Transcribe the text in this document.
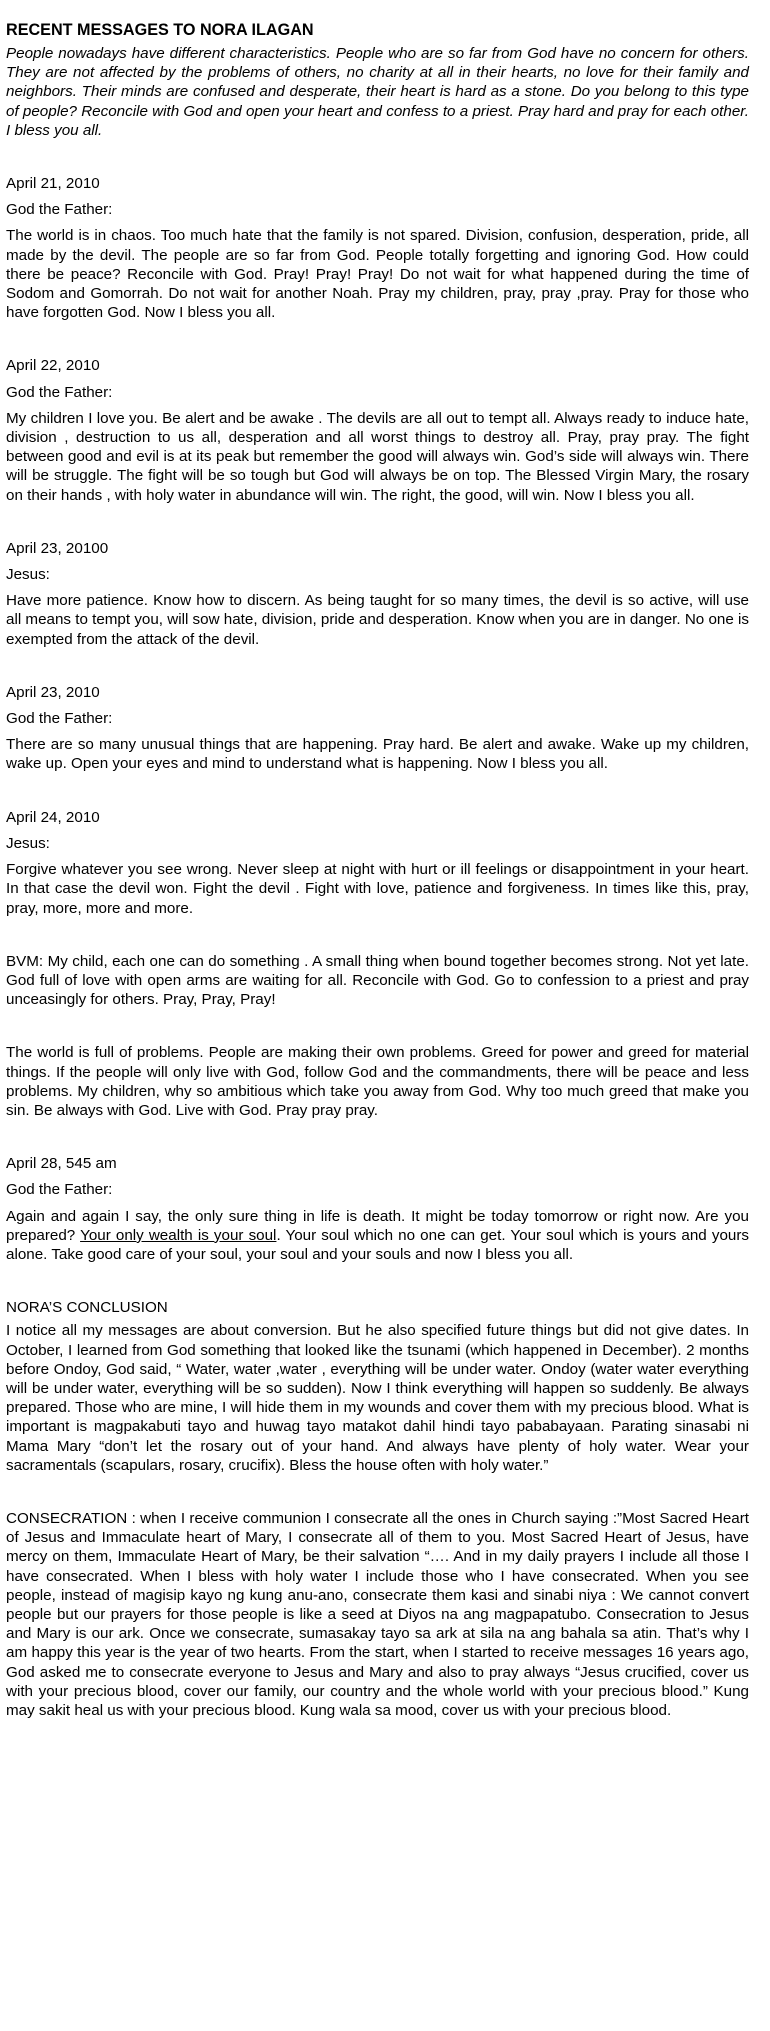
RECENT MESSAGES TO NORA ILAGAN

People nowadays have different characteristics. People who are so far from God have no concern for others. They are not affected by the problems of others, no charity at all in their hearts, no love for their family and neighbors. Their minds are confused and desperate, their heart is hard as a stone. Do you belong to this type of people? Reconcile with God and open your heart and confess to a priest. Pray hard and pray for each other. I bless you all.

April 21, 2010

God the Father:

The world is in chaos. Too much hate that the family is not spared. Division, confusion, desperation, pride, all made by the devil. The people are so far from God. People totally forgetting and ignoring God. How could there be peace? Reconcile with God. Pray! Pray! Pray! Do not wait for what happened during the time of Sodom and Gomorrah. Do not wait for another Noah. Pray my children, pray, pray ,pray. Pray for those who have forgotten God. Now I bless you all.

April 22, 2010

God the Father:

My children I love you. Be alert and be awake . The devils are all out to tempt all. Always ready to induce hate, division , destruction to us all, desperation and all worst things to destroy all. Pray, pray pray. The fight between good and evil is at its peak but remember the good will always win. God’s side will always win. There will be struggle. The fight will be so tough but God will always be on top. The Blessed Virgin Mary, the rosary on their hands , with holy water in abundance will win. The right, the good, will win. Now I bless you all.

April 23, 20100

Jesus:

Have more patience. Know how to discern. As being taught for so many times, the devil is so active, will use all means to tempt you, will sow hate, division, pride and desperation. Know when you are in danger. No one is exempted from the attack of the devil.

April 23, 2010

God the Father:

There are so many unusual things that are happening. Pray hard. Be alert and awake. Wake up my children, wake up. Open your eyes and mind to understand what is happening. Now I bless you all.

April 24, 2010

Jesus:

Forgive whatever you see wrong. Never sleep at night with hurt or ill feelings or disappointment in your heart. In that case the devil won. Fight the devil . Fight with love, patience and forgiveness. In times like this, pray, pray, more, more and more.

BVM: My child, each one can do something . A small thing when bound together becomes strong. Not yet late. God full of love with open arms are waiting for all. Reconcile with God. Go to confession to a priest and pray unceasingly for others. Pray, Pray, Pray!

The world is full of problems. People are making their own problems. Greed for power and greed for material things. If the people will only live with God, follow God and the commandments, there will be peace and less problems. My children, why so ambitious which take you away from God. Why too much greed that make you sin. Be always with God. Live with God. Pray pray pray.

April 28, 545 am

God the Father:

Again and again I say, the only sure thing in life is death. It might be today tomorrow or right now. Are you prepared? Your only wealth is your soul. Your soul which no one can get. Your soul which is yours and yours alone. Take good care of your soul, your soul and your souls and now I bless you all.

NORA’S CONCLUSION

I notice all my messages are about conversion. But he also specified future things but did not give dates. In October, I learned from God something that looked like the tsunami (which happened in December). 2 months before Ondoy, God said, “ Water, water ,water , everything will be under water. Ondoy (water water everything will be under water, everything will be so sudden). Now I think everything will happen so suddenly. Be always prepared. Those who are mine, I will hide them in my wounds and cover them with my precious blood. What is important is magpakabuti tayo and huwag tayo matakot dahil hindi tayo pababayaan. Parating sinasabi ni Mama Mary “don’t let the rosary out of your hand. And always have plenty of holy water. Wear your sacramentals (scapulars, rosary, crucifix). Bless the house often with holy water.”

CONSECRATION : when I receive communion I consecrate all the ones in Church saying :”Most Sacred Heart of Jesus and Immaculate heart of Mary, I consecrate all of them to you. Most Sacred Heart of Jesus, have mercy on them, Immaculate Heart of Mary, be their salvation “…. And in my daily prayers I include all those I have consecrated. When I bless with holy water I include those who I have consecrated. When you see people, instead of magisip kayo ng kung anu-ano, consecrate them kasi and sinabi niya : We cannot convert people but our prayers for those people is like a seed at Diyos na ang magpapatubo. Consecration to Jesus and Mary is our ark. Once we consecrate, sumasakay tayo sa ark at sila na ang bahala sa atin. That’s why I am happy this year is the year of two hearts. From the start, when I started to receive messages 16 years ago, God asked me to consecrate everyone to Jesus and Mary and also to pray always “Jesus crucified, cover us with your precious blood, cover our family, our country and the whole world with your precious blood.” Kung may sakit heal us with your precious blood. Kung wala sa mood, cover us with your precious blood.
